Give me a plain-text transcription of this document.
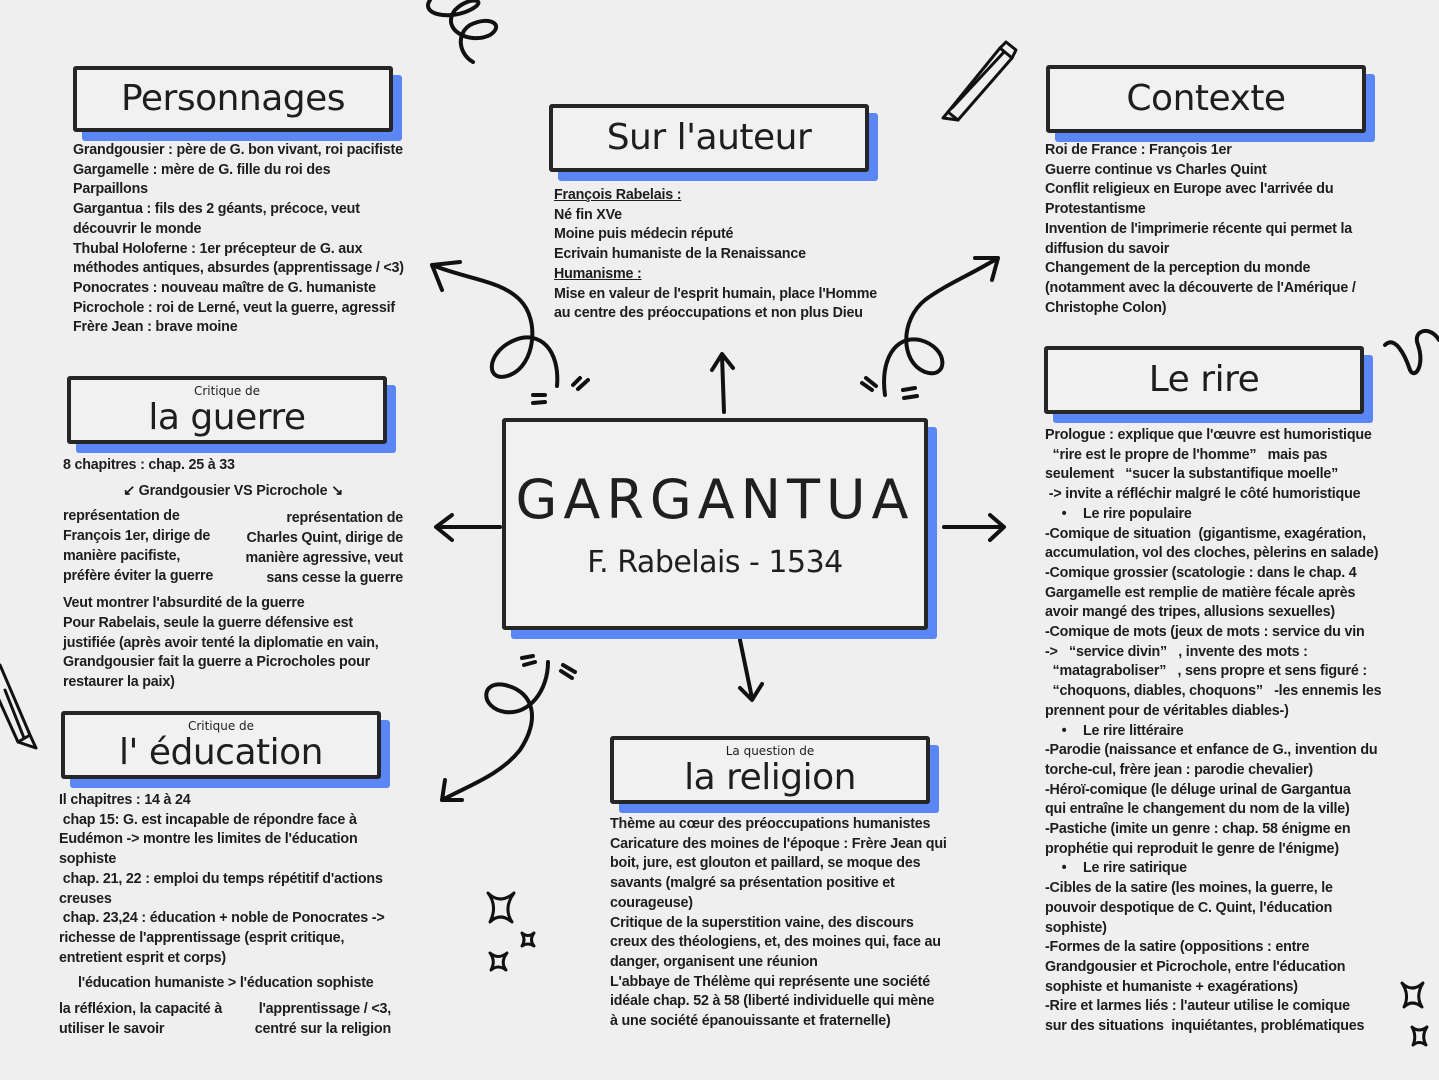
GARGANTUA
F. Rabelais - 1534
Personnages
Grandgousier : père de G. bon vivant, roi pacifiste
Gargamelle : mère de G. fille du roi des
Parpaillons
Gargantua : fils des 2 géants, précoce, veut
découvrir le monde
Thubal Holoferne : 1er précepteur de G. aux
méthodes antiques, absurdes (apprentissage / <3)
Ponocrates : nouveau maître de G. humaniste
Picrochole : roi de Lerné, veut la guerre, agressif
Frère Jean : brave moine
Sur l'auteur
François Rabelais :
Né fin XVe
Moine puis médecin réputé
Ecrivain humaniste de la Renaissance
Humanisme :
Mise en valeur de l'esprit humain, place l'Homme
au centre des préoccupations et non plus Dieu
Contexte
Roi de France : François 1er
Guerre continue vs Charles Quint
Conflit religieux en Europe avec l'arrivée du
Protestantisme
Invention de l'imprimerie récente qui permet la
diffusion du savoir
Changement de la perception du monde
(notamment avec la découverte de l'Amérique /
Christophe Colon)
Critique de
la guerre
8 chapitres : chap. 25 à 33
↙ Grandgousier VS Picrochole ↘
représentation de
François 1er, dirige de
manière pacifiste,
préfère éviter la guerre
représentation de
Charles Quint, dirige de
manière agressive, veut
sans cesse la guerre
Veut montrer l'absurdité de la guerre
Pour Rabelais, seule la guerre défensive est
justifiée (après avoir tenté la diplomatie en vain,
Grandgousier fait la guerre a Picrocholes pour
restaurer la paix)
Critique de
l' éducation
Il chapitres : 14 à 24
chap 15: G. est incapable de répondre face à
Eudémon -> montre les limites de l'éducation
sophiste
chap. 21, 22 : emploi du temps répétitif d'actions
creuses
chap. 23,24 : éducation + noble de Ponocrates ->
richesse de l'apprentissage (esprit critique,
entretient esprit et corps)
l'éducation humaniste > l'éducation sophiste
la réfléxion, la capacité à
utiliser le savoir
l'apprentissage / <3,
centré sur la religion
La question de
la religion
Thème au cœur des préoccupations humanistes
Caricature des moines de l'époque : Frère Jean qui
boit, jure, est glouton et paillard, se moque des
savants (malgré sa présentation positive et
courageuse)
Critique de la superstition vaine, des discours
creux des théologiens, et, des moines qui, face au
danger, organisent une réunion
L'abbaye de Thélème qui représente une société
idéale chap. 52 à 58 (liberté individuelle qui mène
à une société épanouissante et fraternelle)
Le rire
Prologue : explique que l'œuvre est humoristique
“rire est le propre de l'homme”   mais pas
seulement   “sucer la substantifique moelle”
-> invite a réfléchir malgré le côté humoristique
• Le rire populaire
-Comique de situation  (gigantisme, exagération,
accumulation, vol des cloches, pèlerins en salade)
-Comique grossier (scatologie : dans le chap. 4
Gargamelle est remplie de matière fécale après
avoir mangé des tripes, allusions sexuelles)
-Comique de mots (jeux de mots : service du vin
->   “service divin”   , invente des mots :
“matagraboliser”   , sens propre et sens figuré :
“choquons, diables, choquons”   -les ennemis les
prennent pour de véritables diables-)
• Le rire littéraire
-Parodie (naissance et enfance de G., invention du
torche-cul, frère jean : parodie chevalier)
-Héroï-comique (le déluge urinal de Gargantua
qui entraîne le changement du nom de la ville)
-Pastiche (imite un genre : chap. 58 énigme en
prophétie qui reproduit le genre de l'énigme)
• Le rire satirique
-Cibles de la satire (les moines, la guerre, le
pouvoir despotique de C. Quint, l'éducation
sophiste)
-Formes de la satire (oppositions : entre
Grandgousier et Picrochole, entre l'éducation
sophiste et humaniste + exagérations)
-Rire et larmes liés : l'auteur utilise le comique
sur des situations  inquiétantes, problématiques
